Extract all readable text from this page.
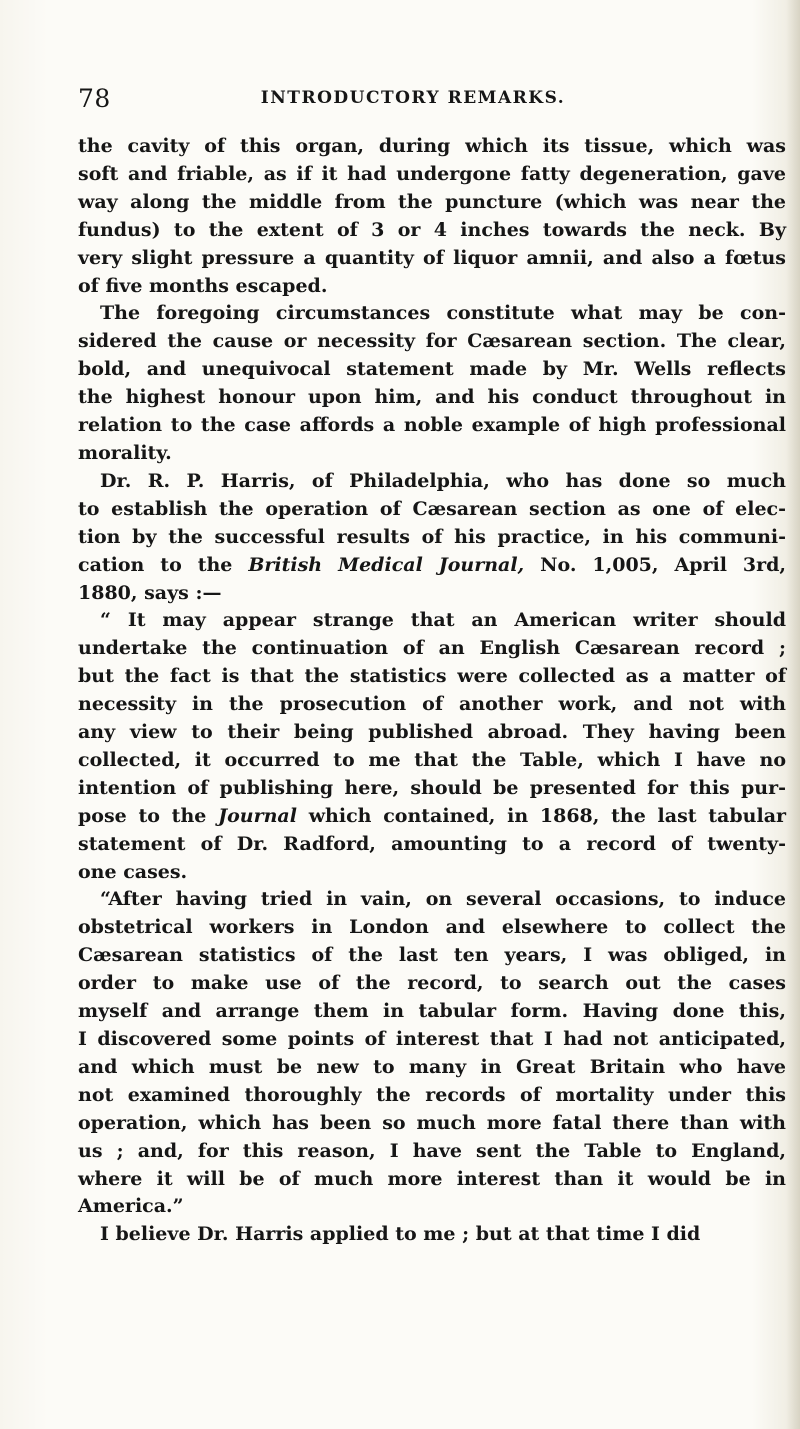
78	INTRODUCTORY REMARKS.
the cavity of this organ, during which its tissue, which was
soft and friable, as if it had undergone fatty degeneration, gave
way along the middle from the puncture (which was near the
fundus) to the extent of 3 or 4 inches towards the neck. By
very slight pressure a quantity of liquor amnii, and also a fœtus
of five months escaped.
The foregoing circumstances constitute what may be con-
sidered the cause or necessity for Cæsarean section. The clear,
bold, and unequivocal statement made by Mr. Wells reflects
the highest honour upon him, and his conduct throughout in
relation to the case affords a noble example of high professional
morality.
Dr. R. P. Harris, of Philadelphia, who has done so much
to establish the operation of Cæsarean section as one of elec-
tion by the successful results of his practice, in his communi-
cation to the British Medical Journal, No. 1,005, April 3rd,
1880, says :—
“ It may appear strange that an American writer should
undertake the continuation of an English Cæsarean record ;
but the fact is that the statistics were collected as a matter of
necessity in the prosecution of another work, and not with
any view to their being published abroad. They having been
collected, it occurred to me that the Table, which I have no
intention of publishing here, should be presented for this pur-
pose to the Journal which contained, in 1868, the last tabular
statement of Dr. Radford, amounting to a record of twenty-
one cases.
“After having tried in vain, on several occasions, to induce
obstetrical workers in London and elsewhere to collect the
Cæsarean statistics of the last ten years, I was obliged, in
order to make use of the record, to search out the cases
myself and arrange them in tabular form. Having done this,
I discovered some points of interest that I had not anticipated,
and which must be new to many in Great Britain who have
not examined thoroughly the records of mortality under this
operation, which has been so much more fatal there than with
us ; and, for this reason, I have sent the Table to England,
where it will be of much more interest than it would be in
America.”
I believe Dr. Harris applied to me ; but at that time I did
